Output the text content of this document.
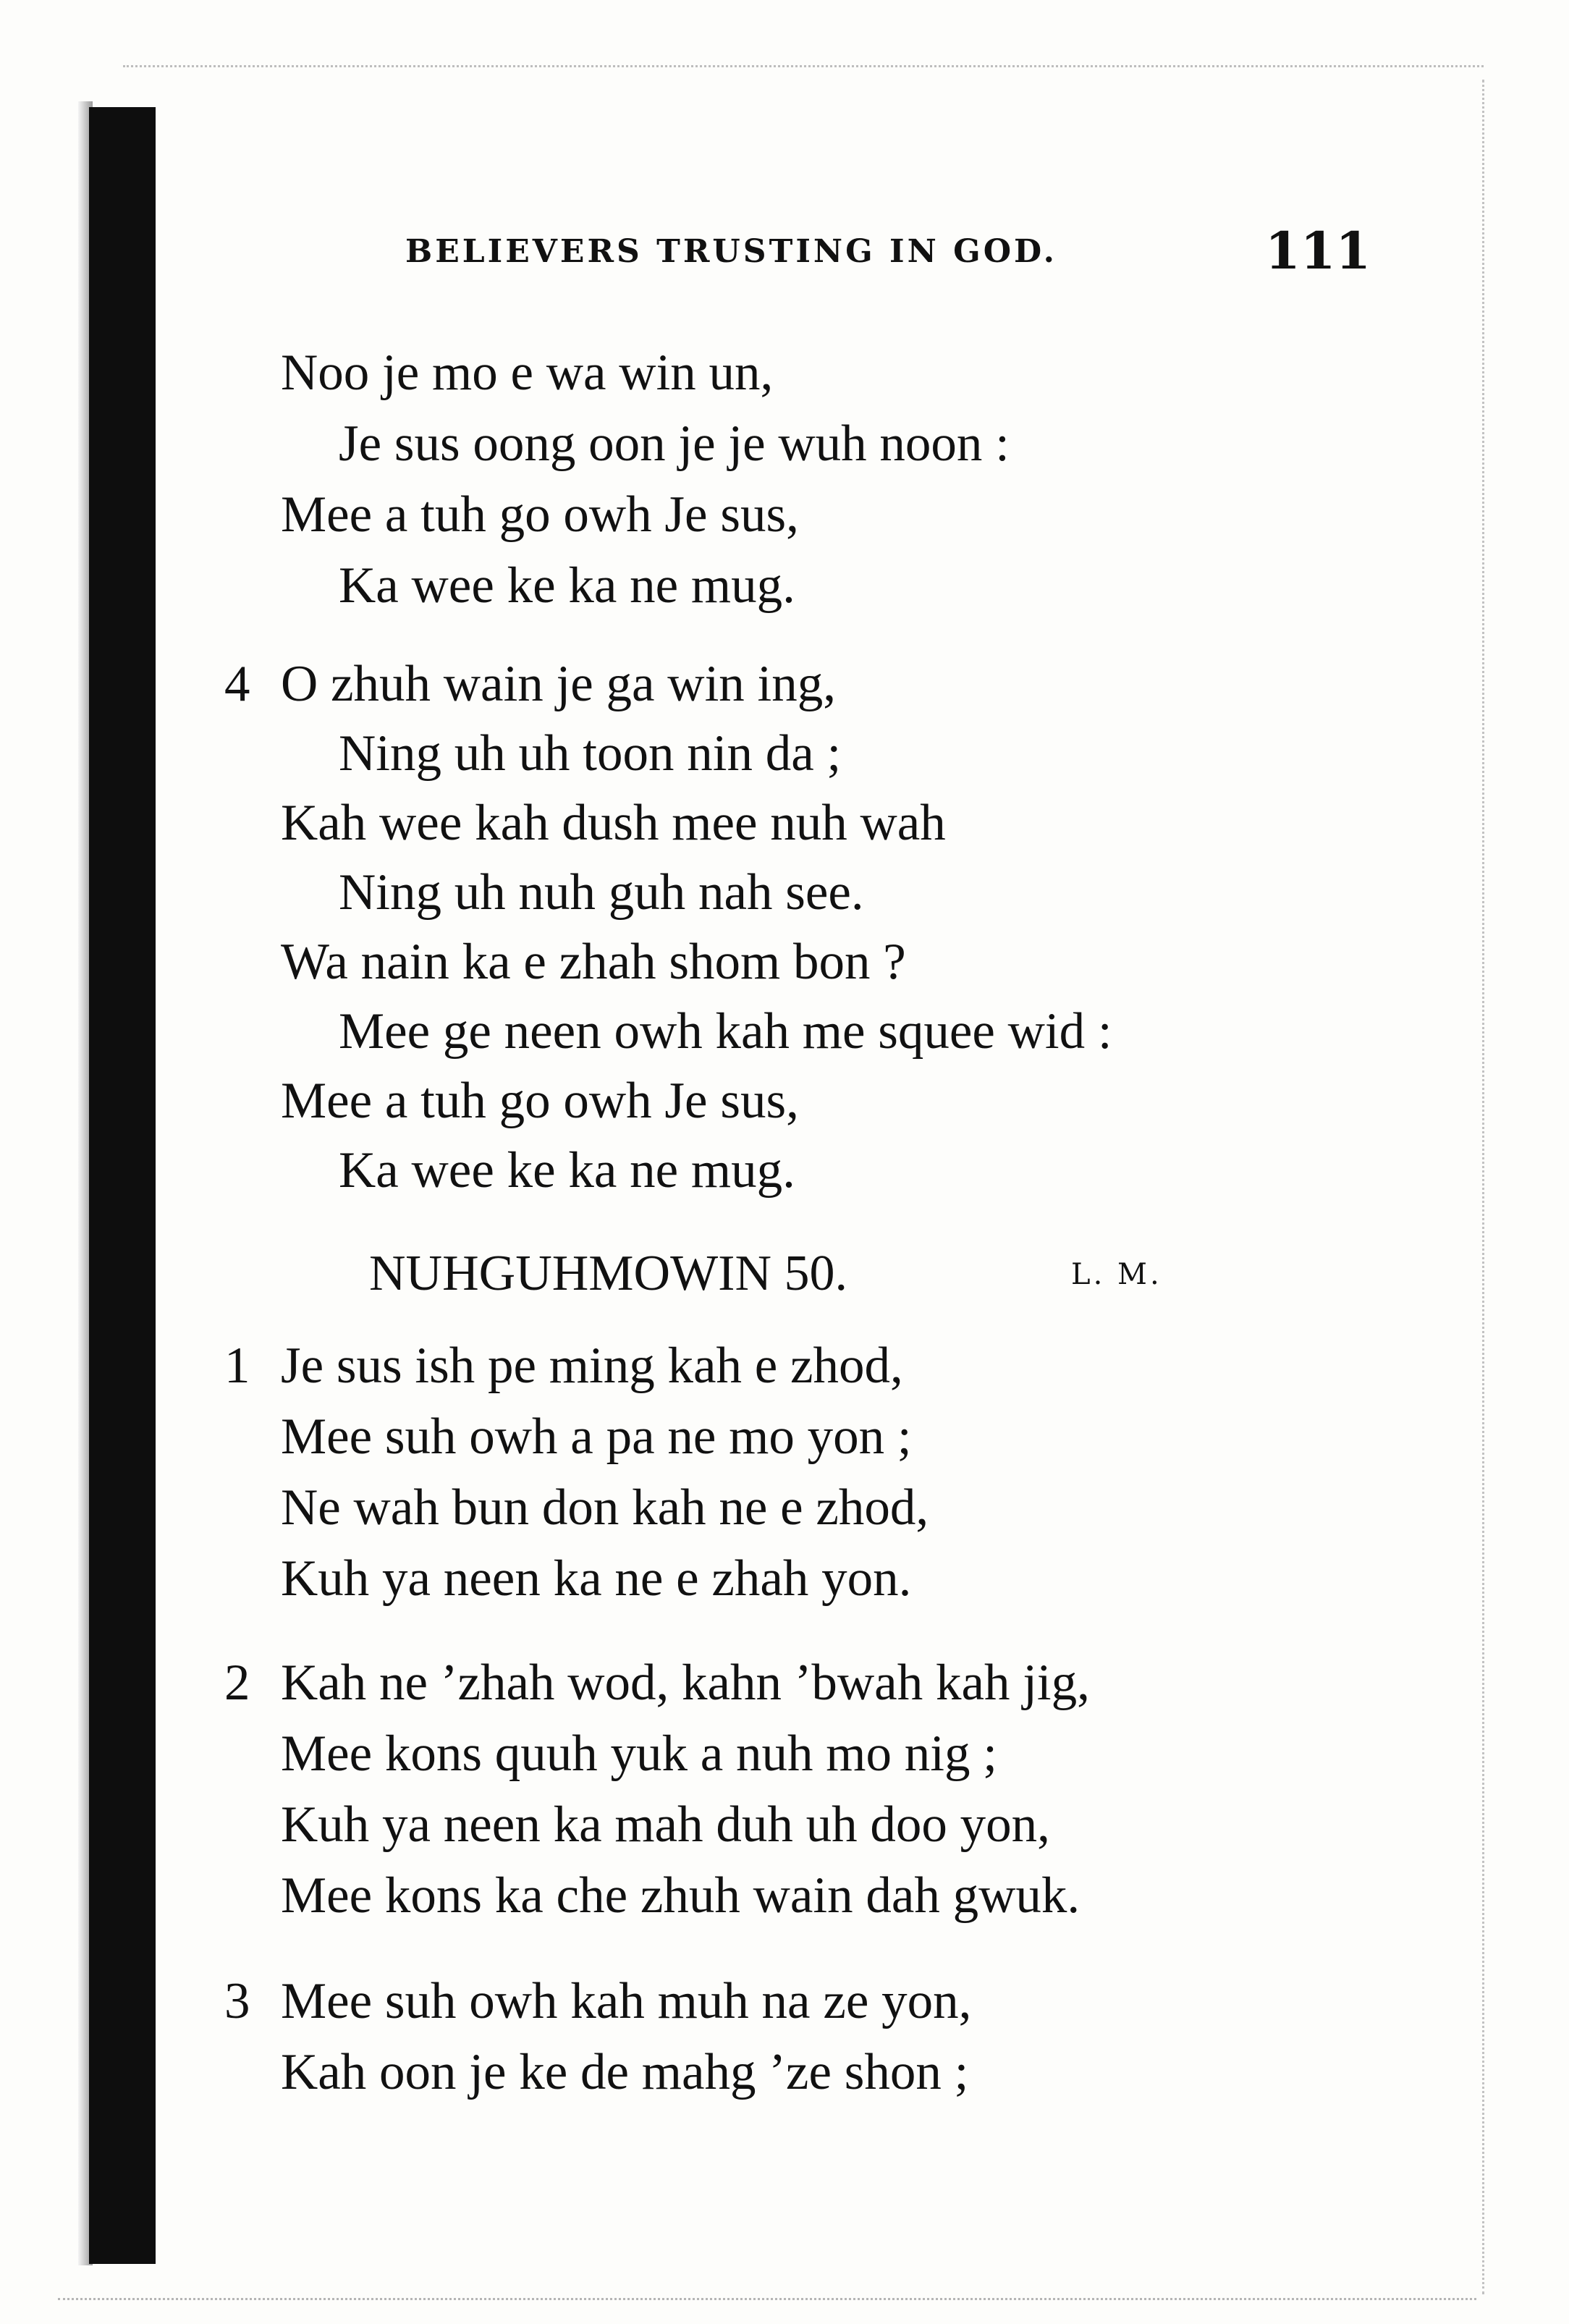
BELIEVERS TRUSTING IN GOD.	111
Noo je mo e wa win un,
Je sus oong oon je je wuh noon :
Mee a tuh go owh Je sus,
Ka wee ke ka ne mug.
4 O zhuh wain je ga win ing,
Ning uh uh toon nin da ;
Kah wee kah dush mee nuh wah
Ning uh nuh guh nah see.
Wa nain ka e zhah shom bon ?
Mee ge neen owh kah me squee wid :
Mee a tuh go owh Je sus,
Ka wee ke ka ne mug.
NUHGUHMOWIN 50.	L. M.
1 Je sus ish pe ming kah e zhod,
Mee suh owh a pa ne mo yon ;
Ne wah bun don kah ne e zhod,
Kuh ya neen ka ne e zhah yon.
2 Kah ne ’zhah wod, kahn ’bwah kah jig,
Mee kons quuh yuk a nuh mo nig ;
Kuh ya neen ka mah duh uh doo yon,
Mee kons ka che zhuh wain dah gwuk.
3 Mee suh owh kah muh na ze yon,
Kah oon je ke de mahg ’ze shon ;
